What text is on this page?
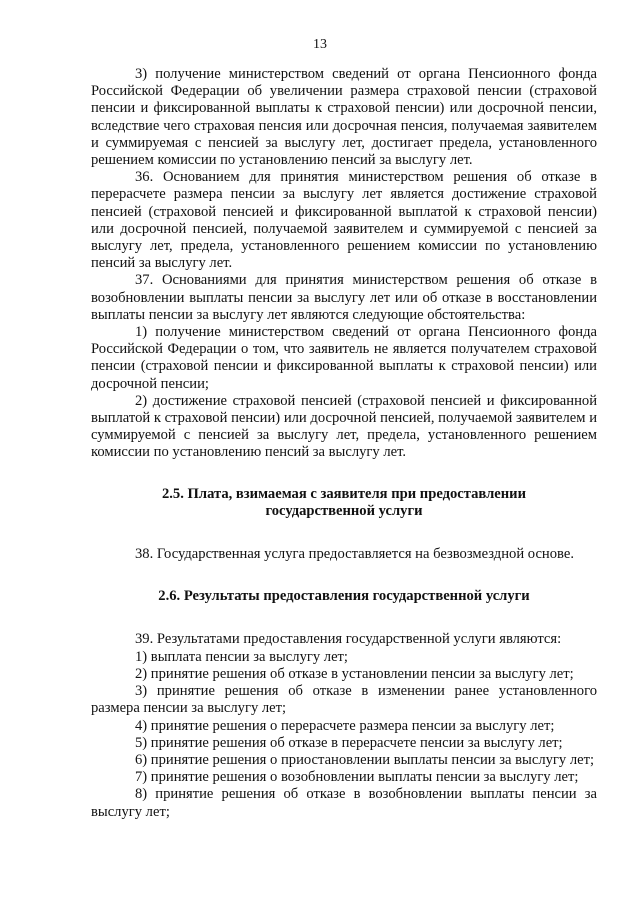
13

3) получение министерством сведений от органа Пенсионного фонда Российской Федерации об увеличении размера страховой пенсии (страховой пенсии и фиксированной выплаты к страховой пенсии) или досрочной пенсии, вследствие чего страховая пенсия или досрочная пенсия, получаемая заявителем и суммируемая с пенсией за выслугу лет, достигает предела, установленного решением комиссии по установлению пенсий за выслугу лет.

36. Основанием для принятия министерством решения об отказе в перерасчете размера пенсии за выслугу лет является достижение страховой пенсией (страховой пенсией и фиксированной выплатой к страховой пенсии) или досрочной пенсией, получаемой заявителем и суммируемой с пенсией за выслугу лет, предела, установленного решением комиссии по установлению пенсий за выслугу лет.

37. Основаниями для принятия министерством решения об отказе в возобновлении выплаты пенсии за выслугу лет или об отказе в восстановлении выплаты пенсии за выслугу лет являются следующие обстоятельства:

1) получение министерством сведений от органа Пенсионного фонда Российской Федерации о том, что заявитель не является получателем страховой пенсии (страховой пенсии и фиксированной выплаты к страховой пенсии) или досрочной пенсии;

2) достижение страховой пенсией (страховой пенсией и фиксированной выплатой к страховой пенсии) или досрочной пенсией, получаемой заявителем и суммируемой с пенсией за выслугу лет, предела, установленного решением комиссии по установлению пенсий за выслугу лет.

2.5. Плата, взимаемая с заявителя при предоставлении
государственной услуги

38. Государственная услуга предоставляется на безвозмездной основе.

2.6. Результаты предоставления государственной услуги

39. Результатами предоставления государственной услуги являются:

1) выплата пенсии за выслугу лет;

2) принятие решения об отказе в установлении пенсии за выслугу лет;

3) принятие решения об отказе в изменении ранее установленного размера пенсии за выслугу лет;

4) принятие решения о перерасчете размера пенсии за выслугу лет;

5) принятие решения об отказе в перерасчете пенсии за выслугу лет;

6) принятие решения о приостановлении выплаты пенсии за выслугу лет;

7) принятие решения о возобновлении выплаты пенсии за выслугу лет;

8) принятие решения об отказе в возобновлении выплаты пенсии за выслугу лет;
